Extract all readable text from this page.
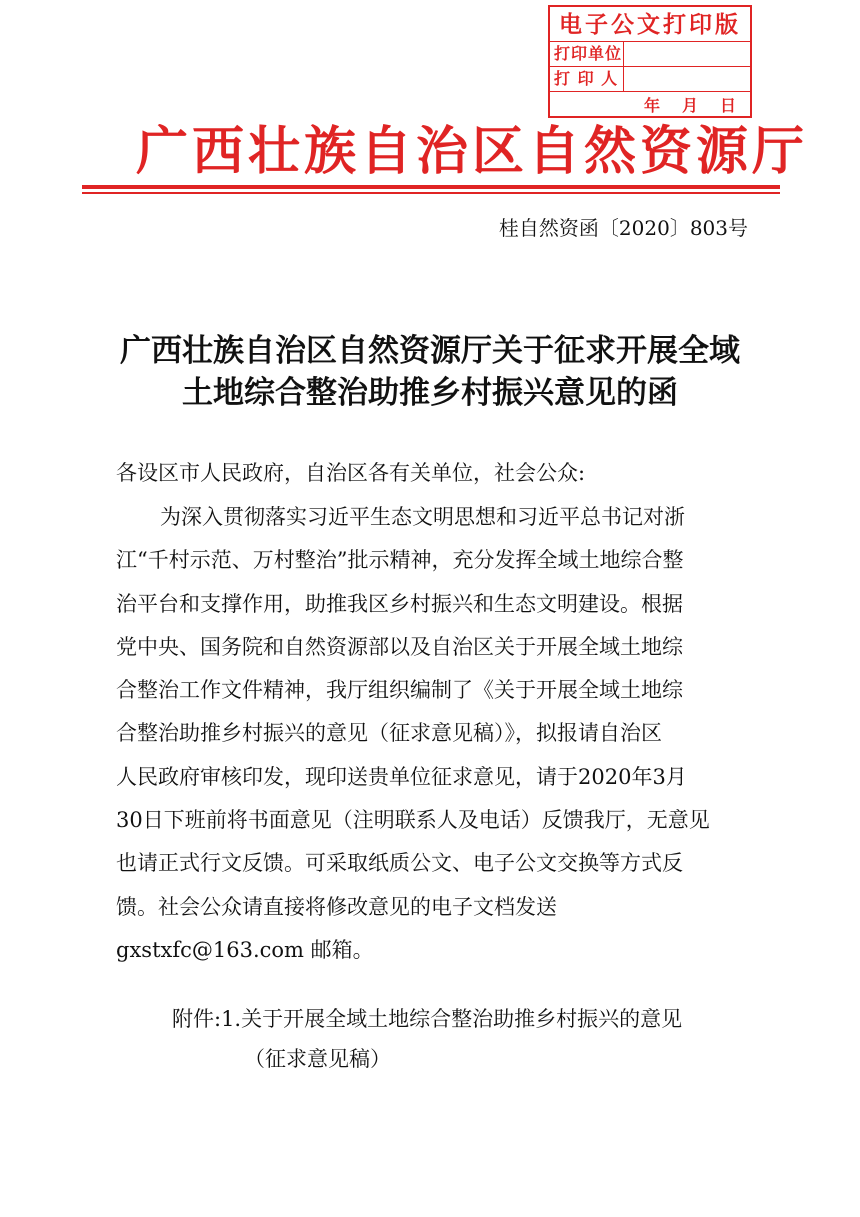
电子公文打印版
打印单位
打 印 人
年 月 日
广西壮族自治区自然资源厅
桂自然资函〔2020〕803号
广西壮族自治区自然资源厅关于征求开展全域
土地综合整治助推乡村振兴意见的函
各设区市人民政府，自治区各有关单位，社会公众:
为深入贯彻落实习近平生态文明思想和习近平总书记对浙
江“千村示范、万村整治”批示精神，充分发挥全域土地综合整
治平台和支撑作用，助推我区乡村振兴和生态文明建设。根据
党中央、国务院和自然资源部以及自治区关于开展全域土地综
合整治工作文件精神，我厅组织编制了《关于开展全域土地综
合整治助推乡村振兴的意见（征求意见稿）》，拟报请自治区
人民政府审核印发，现印送贵单位征求意见，请于2020年3月
30日下班前将书面意见（注明联系人及电话）反馈我厅，无意见
也请正式行文反馈。可采取纸质公文、电子公文交换等方式反
馈。社会公众请直接将修改意见的电子文档发送
gxstxfc@163.com 邮箱。
附件:1.关于开展全域土地综合整治助推乡村振兴的意见
（征求意见稿）
